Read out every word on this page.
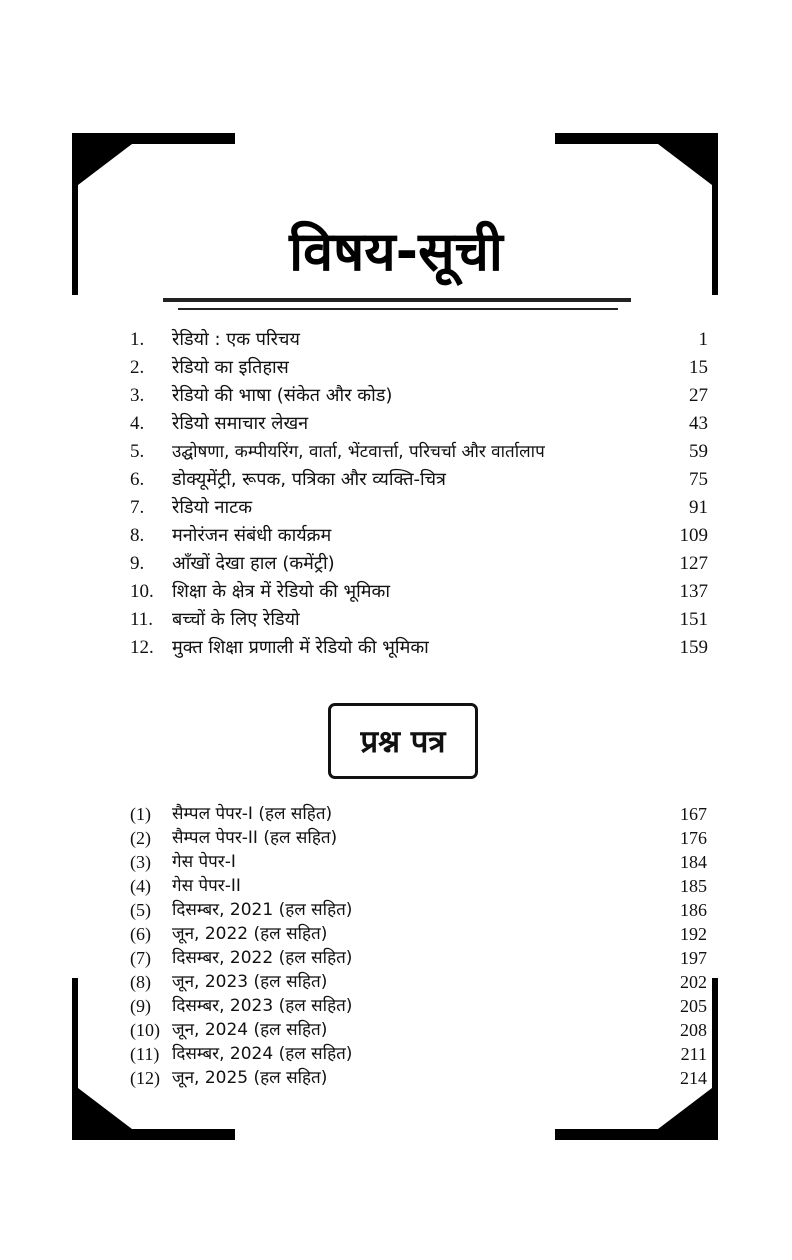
विषय-सूची
1. रेडियो : एक परिचय	1
2. रेडियो का इतिहास	15
3. रेडियो की भाषा (संकेत और कोड)	27
4. रेडियो समाचार लेखन	43
5. उद्घोषणा, कम्पीयरिंग, वार्ता, भेंटवार्त्ता, परिचर्चा और वार्तालाप	59
6. डोक्यूमेंट्री, रूपक, पत्रिका और व्यक्ति-चित्र	75
7. रेडियो नाटक	91
8. मनोरंजन संबंधी कार्यक्रम	109
9. आँखों देखा हाल (कमेंट्री)	127
10. शिक्षा के क्षेत्र में रेडियो की भूमिका	137
11. बच्चों के लिए रेडियो	151
12. मुक्त शिक्षा प्रणाली में रेडियो की भूमिका	159
प्रश्न पत्र
(1) सैम्पल पेपर-I (हल सहित)	167
(2) सैम्पल पेपर-II (हल सहित)	176
(3) गेस पेपर-I	184
(4) गेस पेपर-II	185
(5) दिसम्बर, 2021 (हल सहित)	186
(6) जून, 2022 (हल सहित)	192
(7) दिसम्बर, 2022 (हल सहित)	197
(8) जून, 2023 (हल सहित)	202
(9) दिसम्बर, 2023 (हल सहित)	205
(10) जून, 2024 (हल सहित)	208
(11) दिसम्बर, 2024 (हल सहित)	211
(12) जून, 2025 (हल सहित)	214
